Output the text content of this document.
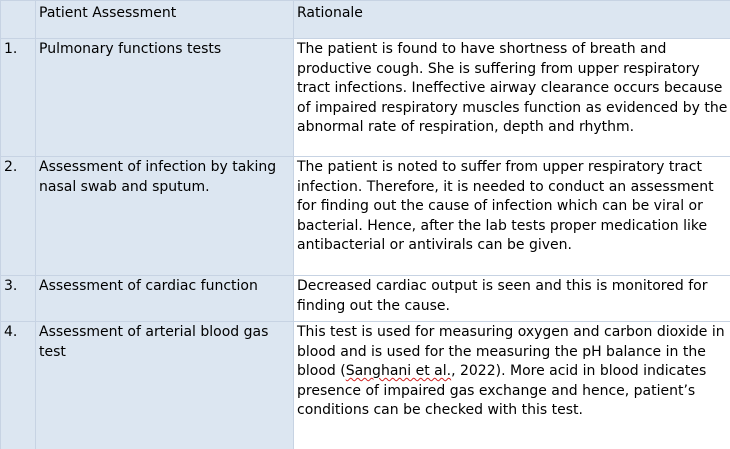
	Patient Assessment	Rationale
1.	Pulmonary functions tests	The patient is found to have shortness of breath and productive cough. She is suffering from upper respiratory tract infections. Ineffective airway clearance occurs because of impaired respiratory muscles function as evidenced by the abnormal rate of respiration, depth and rhythm.
2.	Assessment of infection by taking nasal swab and sputum.	The patient is noted to suffer from upper respiratory tract infection. Therefore, it is needed to conduct an assessment for finding out the cause of infection which can be viral or bacterial. Hence, after the lab tests proper medication like antibacterial or antivirals can be given.
3.	Assessment of cardiac function	Decreased cardiac output is seen and this is monitored for finding out the cause.
4.	Assessment of arterial blood gas test	This test is used for measuring oxygen and carbon dioxide in blood and is used for the measuring the pH balance in the blood (Sanghani et al., 2022). More acid in blood indicates presence of impaired gas exchange and hence, patient’s conditions can be checked with this test.
